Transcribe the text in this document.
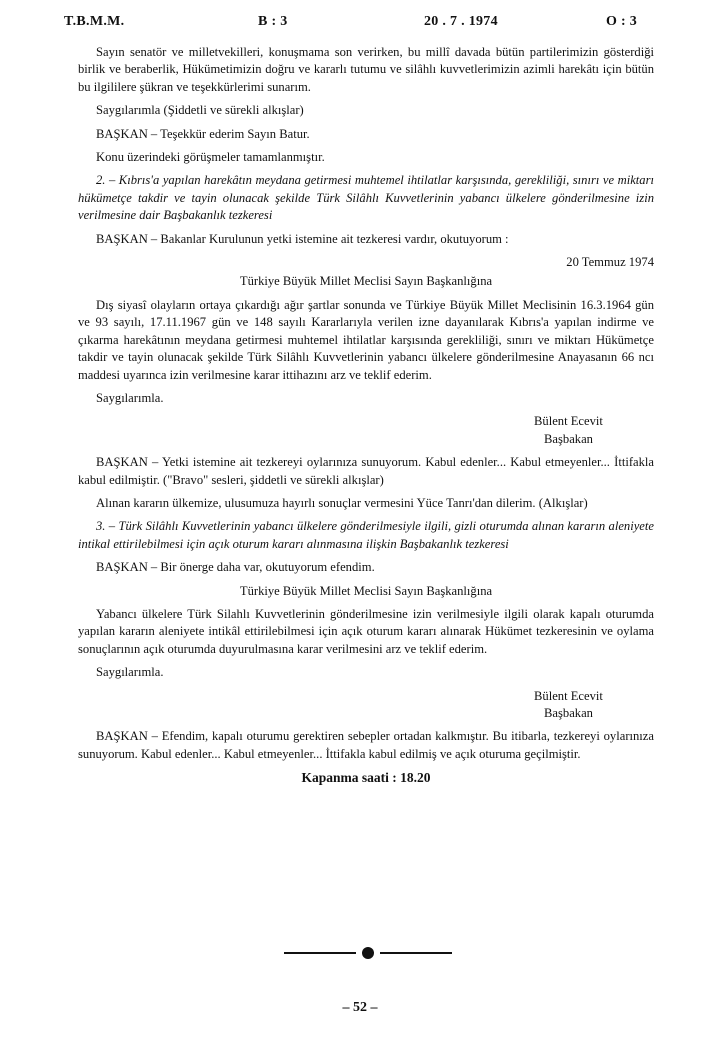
T.B.M.M.	B : 3	20 . 7 . 1974	O : 3

Sayın senatör ve milletvekilleri, konuşmama son verirken, bu millî davada bütün partilerimizin gösterdiği birlik ve beraberlik, Hükümetimizin doğru ve kararlı tutumu ve silâhlı kuvvetlerimizin azimli harekâtı için bütün bu ilgililere şükran ve teşekkürlerimi sunarım.

Saygılarımla (Şiddetli ve sürekli alkışlar)

BAŞKAN – Teşekkür ederim Sayın Batur.

Konu üzerindeki görüşmeler tamamlanmıştır.

2. – Kıbrıs'a yapılan harekâtın meydana getirmesi muhtemel ihtilatlar karşısında, gerekliliği, sınırı ve miktarı hükümetçe takdir ve tayin olunacak şekilde Türk Silâhlı Kuvvetlerinin yabancı ülkelere gönderilmesine izin verilmesine dair Başbakanlık tezkeresi

BAŞKAN – Bakanlar Kurulunun yetki istemine ait tezkeresi vardır, okutuyorum :

20 Temmuz 1974

Türkiye Büyük Millet Meclisi Sayın Başkanlığına

Dış siyasî olayların ortaya çıkardığı ağır şartlar sonunda ve Türkiye Büyük Millet Meclisinin 16.3.1964 gün ve 93 sayılı, 17.11.1967 gün ve 148 sayılı Kararlarıyla verilen izne dayanılarak Kıbrıs'a yapılan indirme ve çıkarma harekâtının meydana getirmesi muhtemel ihtilatlar karşısında gerekliliği, sınırı ve miktarı Hükümetçe takdir ve tayin olunacak şekilde Türk Silâhlı Kuvvetlerinin yabancı ülkelere gönderilmesine Anayasanın 66 ncı maddesi uyarınca izin verilmesine karar ittihazını arz ve teklif ederim.

Saygılarımla.

Bülent Ecevit
Başbakan

BAŞKAN – Yetki istemine ait tezkereyi oylarınıza sunuyorum. Kabul edenler... Kabul etmeyenler... İttifakla kabul edilmiştir. ("Bravo" sesleri, şiddetli ve sürekli alkışlar)

Alınan kararın ülkemize, ulusumuza hayırlı sonuçlar vermesini Yüce Tanrı'dan dilerim. (Alkışlar)

3. – Türk Silâhlı Kuvvetlerinin yabancı ülkelere gönderilmesiyle ilgili, gizli oturumda alınan kararın aleniyete intikal ettirilebilmesi için açık oturum kararı alınmasına ilişkin Başbakanlık tezkeresi

BAŞKAN – Bir önerge daha var, okutuyorum efendim.

Türkiye Büyük Millet Meclisi Sayın Başkanlığına

Yabancı ülkelere Türk Silahlı Kuvvetlerinin gönderilmesine izin verilmesiyle ilgili olarak kapalı oturumda yapılan kararın aleniyete intikâl ettirilebilmesi için açık oturum kararı alınarak Hükümet tezkeresinin ve oylama sonuçlarının açık oturumda duyurulmasına karar verilmesini arz ve teklif ederim.

Saygılarımla.

Bülent Ecevit
Başbakan

BAŞKAN – Efendim, kapalı oturumu gerektiren sebepler ortadan kalkmıştır. Bu itibarla, tezkereyi oylarınıza sunuyorum. Kabul edenler... Kabul etmeyenler... İttifakla kabul edilmiş ve açık oturuma geçilmiştir.

Kapanma saati : 18.20
– 52 –
